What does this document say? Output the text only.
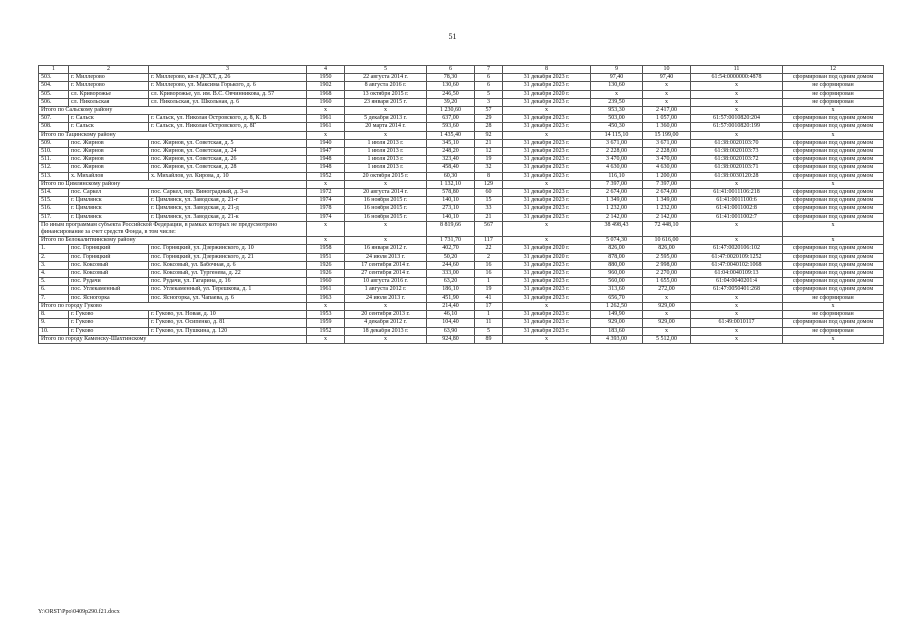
51
1	2	3	4	5	6	7	8	9	10	11	12
503.	г. Миллерово	г. Миллерово, кв-л ДСХТ, д. 26	1950	22 августа 2014 г.	78,30	6	31 декабря 2023 г.	97,40	97,40	61:54:0000000:4878	сформирован под одним домом
504.	г. Миллерово	г. Миллерово, ул. Максима Горького, д. 6	1902	8 августа 2016 г.	130,60	6	31 декабря 2023 г.	130,60	х	х	не сформирован
505.	сл. Криворожье	сл. Криворожье, ул. им. В.С. Овчинникова, д. 57	1968	13 октября 2015 г.	246,50	5	31 декабря 2020 г.	х	х	х	не сформирован
506.	сл. Никольская	сл. Никольская, ул. Школьная, д. 6	1960	23 января 2015 г.	39,20	3	31 декабря 2023 г.	239,50	х	х	не сформирован
Итого по Сальскому району			х	х	1 230,60	57	х	953,30	2 417,00	х	х
507.	г. Сальск	г. Сальск, ул. Николая Островского, д. 8, К. В	1961	5 декабря 2013 г.	637,00	29	31 декабря 2023 г.	503,00	1 057,00	61:57:0010820:204	сформирован под одним домом
508.	г. Сальск	г. Сальск, ул. Николая Островского, д. 8Г	1961	20 марта 2014 г.	593,60	28	31 декабря 2023 г.	450,30	1 360,00	61:57:0010820:199	сформирован под одним домом
Итого по Тацинскому району			х	х	1 435,40	92	х	14 115,10	15 199,00	х	х
509.	пос. Жирнов	пос. Жирнов, ул. Советская, д. 5	1940	1 июля 2013 г.	345,10	21	31 декабря 2023 г.	3 671,00	3 671,00	61:38:0020103:70	сформирован под одним домом
510.	пос. Жирнов	пос. Жирнов, ул. Советская, д. 24	1947	1 июля 2013 г.	248,20	12	31 декабря 2023 г.	2 228,00	2 228,00	61:38:0020103:73	сформирован под одним домом
511.	пос. Жирнов	пос. Жирнов, ул. Советская, д. 26	1948	1 июля 2013 г.	323,40	19	31 декабря 2023 г.	3 470,00	3 470,00	61:38:0020103:72	сформирован под одним домом
512.	пос. Жирнов	пос. Жирнов, ул. Советская, д. 28	1948	1 июля 2013 г.	458,40	32	31 декабря 2023 г.	4 630,00	4 630,00	61:38:0020103:71	сформирован под одним домом
513.	х. Михайлов	х. Михайлов, ул. Кирова, д. 10	1952	20 октября 2015 г.	60,30	8	31 декабря 2023 г.	116,10	1 200,00	61:38:0030120:28	сформирован под одним домом
Итого по Цимлянскому району			х	х	1 132,10	129	х	7 397,00	7 397,00	х	х
514.	пос. Саркел	пос. Саркел, пер. Виноградный, д. 3-а	1972	20 августа 2014 г.	578,80	60	31 декабря 2023 г.	2 674,00	2 674,00	61:41:0011106:218	сформирован под одним домом
515.	г. Цимлянск	г. Цимлянск, ул. Заводская, д. 21-г	1974	16 ноября 2015 г.	140,10	15	31 декабря 2023 г.	1 349,00	1 349,00	61:41:0011100:6	сформирован под одним домом
516.	г. Цимлянск	г. Цимлянск, ул. Заводская, д. 21-д	1978	16 ноября 2015 г.	273,10	33	31 декабря 2023 г.	1 232,00	1 232,00	61:41:0011002:8	сформирован под одним домом
517.	г. Цимлянск	г. Цимлянск, ул. Заводская, д. 21-к	1974	16 ноября 2015 г.	140,10	21	31 декабря 2023 г.	2 142,00	2 142,00	61:41:0011002:7	сформирован под одним домом
По иным программам субъекта Российской Федерации, в рамках которых не предусмотрено финансирование за счет средств Фонда, в том числе:			х	х	8 819,66	567	х	38 498,43	72 448,10	х	х
Итого по Белокалитвинскому району			х	х	1 731,70	117	х	5 074,30	10 616,00	х	х
1.	пос. Горняцкий	пос. Горняцкий, ул. Дзержинского, д. 10	1958	16 января 2012 г.	402,70	22	31 декабря 2020 г.	826,00	826,00	61:47:0020106:102	сформирован под одним домом
2.	пос. Горняцкий	пос. Горняцкий, ул. Дзержинского, д. 21	1951	24 июля 2013 г.	50,20	2	31 декабря 2020 г.	878,00	2 595,00	61:47:0020109:1252	сформирован под одним домом
3.	пос. Коксовый	пос. Коксовый, ул. Бабочная, д. 6	1926	17 сентября 2014 г.	244,60	16	31 декабря 2023 г.	880,00	2 998,00	61:47:0040102:1068	сформирован под одним домом
4.	пос. Коксовый	пос. Коксовый, ул. Тургенева, д. 22	1926	27 сентября 2014 г.	333,00	16	31 декабря 2023 г.	960,00	2 270,00	61:04:0040109:13	сформирован под одним домом
5.	пос. Рудачи	пос. Рудачи, ул. Гагарина, д. 16	1960	10 августа 2016 г.	63,20	1	31 декабря 2023 г.	560,00	1 655,00	61:04:0040201:4	сформирован под одним домом
6.	пос. Углекаменный	пос. Углекаменный, ул. Терешкова, д. 1	1961	1 августа 2012 г.	186,10	19	31 декабря 2023 г.	313,60	272,00	61:47:0050401:268	сформирован под одним домом
7.	пос. Ясногорка	пос. Ясногорка, ул. Чапаева, д. 6	1963	24 июля 2013 г.	451,90	41	31 декабря 2023 г.	656,70	х	х	не сформирован
Итого по городу Гуково			х	х	214,40	17	х	1 262,50	929,00	х	х
8.	г. Гуково	г. Гуково, ул. Новая, д. 10	1953	20 сентября 2013 г.	46,10	1	31 декабря 2023 г.	149,90	х	х	не сформирован
9.	г. Гуково	г. Гуково, ул. Осипенко, д. 81	1959	4 декабря 2012 г.	104,40	11	31 декабря 2023 г.	929,00	929,00	61:49:0010117	сформирован под одним домом
10.	г. Гуково	г. Гуково, ул. Пушкина, д. 120	1952	18 декабря 2013 г.	63,90	5	31 декабря 2023 г.	183,60	х	х	не сформирован
Итого по городу Каменску-Шахтинскому			х	х	924,80	89	х	4 393,00	5 512,00	х	х
Y:\ORST\Ppo\0409p290.f21.docx
